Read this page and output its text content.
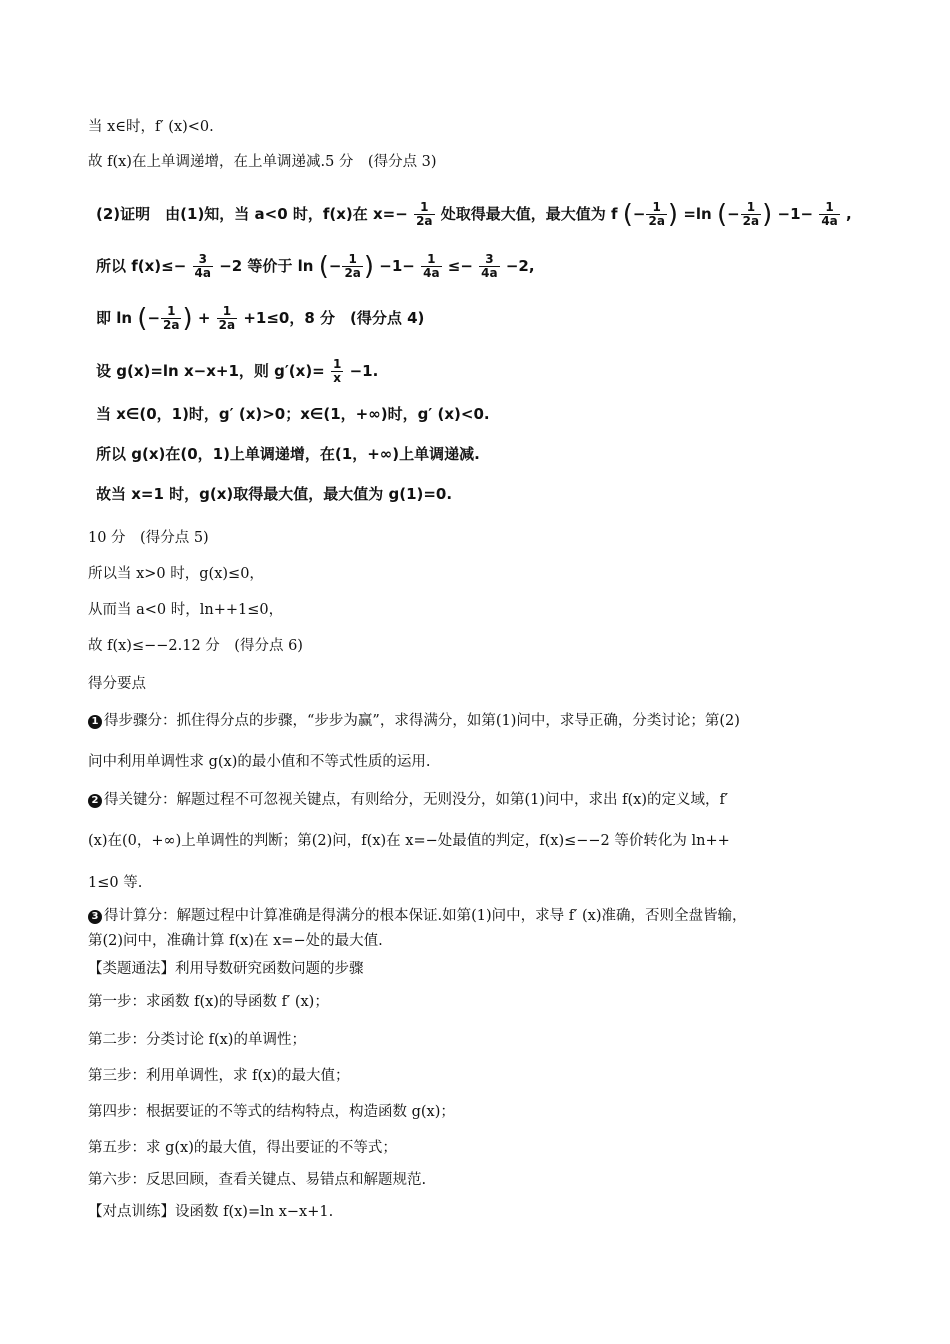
当 x∈时，f′ (x)<0.
故 f(x)在上单调递增，在上单调递减.5 分　(得分点 3)
(2)证明　由(1)知，当 a<0 时，f(x)在 $x=- \frac{1}{2a}$ 处取得最大值，最大值为 f (− $\frac{1}{2a}$ ) =ln (− $\frac{1}{2a}$ ) $-1- \frac{1}{4a}$ ,
所以 $f(x)\le- \frac{3}{4a} -2$ 等价于 ln (− $\frac{1}{2a}$ ) $-1- \frac{1}{4a} \le- \frac{3}{4a} -2$,
即 ln (− $\frac{1}{2a}$ ) + $\frac{1}{2a} +1\le 0$，8 分　(得分点 4)
设 g(x)=ln x−x+1，则 $g'(x)= \frac{1}{x} -1$.
当 x∈(0，1)时，g′ (x)>0；x∈(1，+∞)时，g′ (x)<0.
所以 g(x)在(0，1)上单调递增，在(1，+∞)上单调递减.
故当 x=1 时，g(x)取得最大值，最大值为 g(1)=0.
10 分　(得分点 5)
所以当 x>0 时，g(x)≤0，
从而当 a<0 时，ln++1≤0，
故 f(x)≤−−2.12 分　(得分点 6)
得分要点
1 得步骤分：抓住得分点的步骤，“步步为赢”，求得满分，如第(1)问中，求导正确，分类讨论；第(2)
问中利用单调性求 g(x)的最小值和不等式性质的运用.
2 得关键分：解题过程不可忽视关键点，有则给分，无则没分，如第(1)问中，求出 f(x)的定义域，f′
(x)在(0，+∞)上单调性的判断；第(2)问，f(x)在 x=−处最值的判定，f(x)≤−−2 等价转化为 ln++
1≤0 等.
3 得计算分：解题过程中计算准确是得满分的根本保证.如第(1)问中，求导 f′ (x)准确，否则全盘皆输，
第(2)问中，准确计算 f(x)在 x=−处的最大值.
【类题通法】利用导数研究函数问题的步骤
第一步：求函数 f(x)的导函数 f′ (x)；
第二步：分类讨论 f(x)的单调性；
第三步：利用单调性，求 f(x)的最大值；
第四步：根据要证的不等式的结构特点，构造函数 g(x)；
第五步：求 g(x)的最大值，得出要证的不等式；
第六步：反思回顾，查看关键点、易错点和解题规范.
【对点训练】设函数 f(x)=ln x−x+1.
